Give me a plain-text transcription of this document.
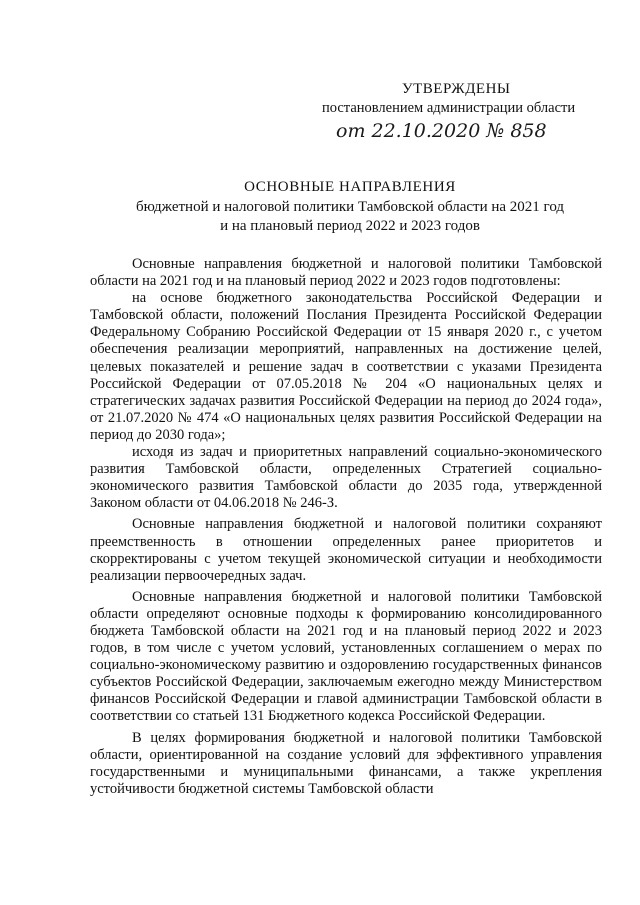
УТВЕРЖДЕНЫ
постановлением администрации области
от 22.10.2020 № 858
ОСНОВНЫЕ НАПРАВЛЕНИЯ
бюджетной и налоговой политики Тамбовской области на 2021 год
и на плановый период 2022 и 2023 годов

Основные направления бюджетной и налоговой политики Тамбовской области на 2021 год и на плановый период 2022 и 2023 годов подготовлены:

на основе бюджетного законодательства Российской Федерации и Тамбовской области, положений Послания Президента Российской Федерации Федеральному Собранию Российской Федерации от 15 января 2020 г., с учетом обеспечения реализации мероприятий, направленных на достижение целей, целевых показателей и решение задач в соответствии с указами Президента Российской Федерации от 07.05.2018 № 204 «О национальных целях и стратегических задачах развития Российской Федерации на период до 2024 года», от 21.07.2020 № 474 «О национальных целях развития Российской Федерации на период до 2030 года»;

исходя из задач и приоритетных направлений социально-экономического развития Тамбовской области, определенных Стратегией социально-экономического развития Тамбовской области до 2035 года, утвержденной Законом области от 04.06.2018 № 246-З.

Основные направления бюджетной и налоговой политики сохраняют преемственность в отношении определенных ранее приоритетов и скорректированы с учетом текущей экономической ситуации и необходимости реализации первоочередных задач.

Основные направления бюджетной и налоговой политики Тамбовской области определяют основные подходы к формированию консолидированного бюджета Тамбовской области на 2021 год и на плановый период 2022 и 2023 годов, в том числе с учетом условий, установленных соглашением о мерах по социально-экономическому развитию и оздоровлению государственных финансов субъектов Российской Федерации, заключаемым ежегодно между Министерством финансов Российской Федерации и главой администрации Тамбовской области в соответствии со статьей 131 Бюджетного кодекса Российской Федерации.

В целях формирования бюджетной и налоговой политики Тамбовской области, ориентированной на создание условий для эффективного управления государственными и муниципальными финансами, а также укрепления устойчивости бюджетной системы Тамбовской области
